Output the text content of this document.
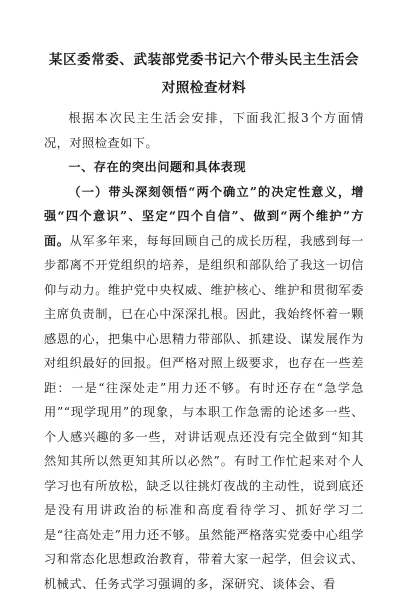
某区委常委、武装部党委书记六个带头民主生活会对照检查材料

根据本次民主生活会安排，下面我汇报3个方面情况，对照检查如下。

一、存在的突出问题和具体表现

（一）带头深刻领悟“两个确立”的决定性意义，增强“四个意识”、坚定“四个自信”、做到“两个维护”方面。从军多年来，每每回顾自己的成长历程，我感到每一步都离不开党组织的培养，是组织和部队给了我这一切信仰与动力。维护党中央权威、维护核心、维护和贯彻军委主席负责制，已在心中深深扎根。因此，我始终怀着一颗感恩的心，把集中心思精力带部队、抓建设、谋发展作为对组织最好的回报。但严格对照上级要求，也存在一些差距：一是“往深处走”用力还不够。有时还存在“急学急用”“现学现用”的现象，与本职工作急需的论述多一些、个人感兴趣的多一些，对讲话观点还没有完全做到“知其然知其所以然更知其所以必然”。有时工作忙起来对个人学习也有所放松，缺乏以往挑灯夜战的主动性，说到底还是没有用讲政治的标准和高度看待学习、抓好学习二是“往高处走”用力还不够。虽然能严格落实党委中心组学习和常态化思想政治教育，带着大家一起学，但会议式、机械式、任务式学习强调的多，深研究、谈体会、看
